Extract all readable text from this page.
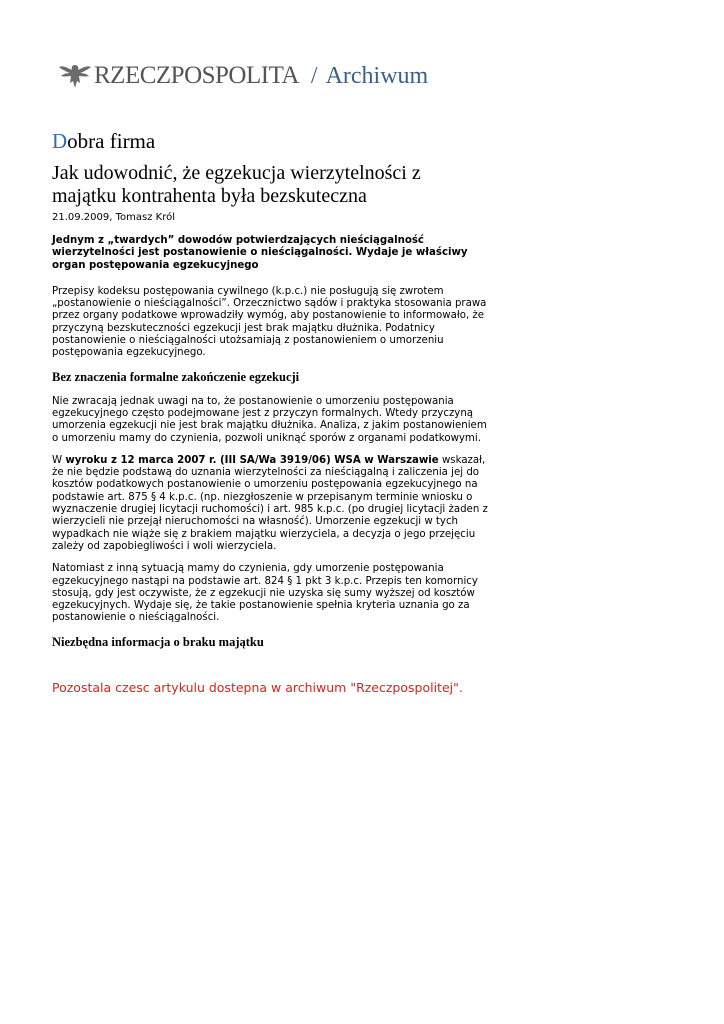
RZECZPOSPOLITA / Archiwum
Dobra firma
Jak udowodnić, że egzekucja wierzytelności z majątku kontrahenta była bezskuteczna
21.09.2009, Tomasz Król

Jednym z „twardych” dowodów potwierdzających nieściągalność wierzytelności jest postanowienie o nieściągalności. Wydaje je właściwy organ postępowania egzekucyjnego

Przepisy kodeksu postępowania cywilnego (k.p.c.) nie posługują się zwrotem „postanowienie o nieściągalności”. Orzecznictwo sądów i praktyka stosowania prawa przez organy podatkowe wprowadziły wymóg, aby postanowienie to informowało, że przyczyną bezskuteczności egzekucji jest brak majątku dłużnika. Podatnicy postanowienie o nieściągalności utożsamiają z postanowieniem o umorzeniu postępowania egzekucyjnego.

Bez znaczenia formalne zakończenie egzekucji

Nie zwracają jednak uwagi na to, że postanowienie o umorzeniu postępowania egzekucyjnego często podejmowane jest z przyczyn formalnych. Wtedy przyczyną umorzenia egzekucji nie jest brak majątku dłużnika. Analiza, z jakim postanowieniem o umorzeniu mamy do czynienia, pozwoli uniknąć sporów z organami podatkowymi.

W wyroku z 12 marca 2007 r. (III SA/Wa 3919/06) WSA w Warszawie wskazał, że nie będzie podstawą do uznania wierzytelności za nieściągalną i zaliczenia jej do kosztów podatkowych postanowienie o umorzeniu postępowania egzekucyjnego na podstawie art. 875 § 4 k.p.c. (np. niezgłoszenie w przepisanym terminie wniosku o wyznaczenie drugiej licytacji ruchomości) i art. 985 k.p.c. (po drugiej licytacji żaden z wierzycieli nie przejął nieruchomości na własność). Umorzenie egzekucji w tych wypadkach nie wiąże się z brakiem majątku wierzyciela, a decyzja o jego przejęciu zależy od zapobiegliwości i woli wierzyciela.

Natomiast z inną sytuacją mamy do czynienia, gdy umorzenie postępowania egzekucyjnego nastąpi na podstawie art. 824 § 1 pkt 3 k.p.c. Przepis ten komornicy stosują, gdy jest oczywiste, że z egzekucji nie uzyska się sumy wyższej od kosztów egzekucyjnych. Wydaje się, że takie postanowienie spełnia kryteria uznania go za postanowienie o nieściągalności.

Niezbędna informacja o braku majątku
Pozostala czesc artykulu dostepna w archiwum "Rzeczpospolitej".
